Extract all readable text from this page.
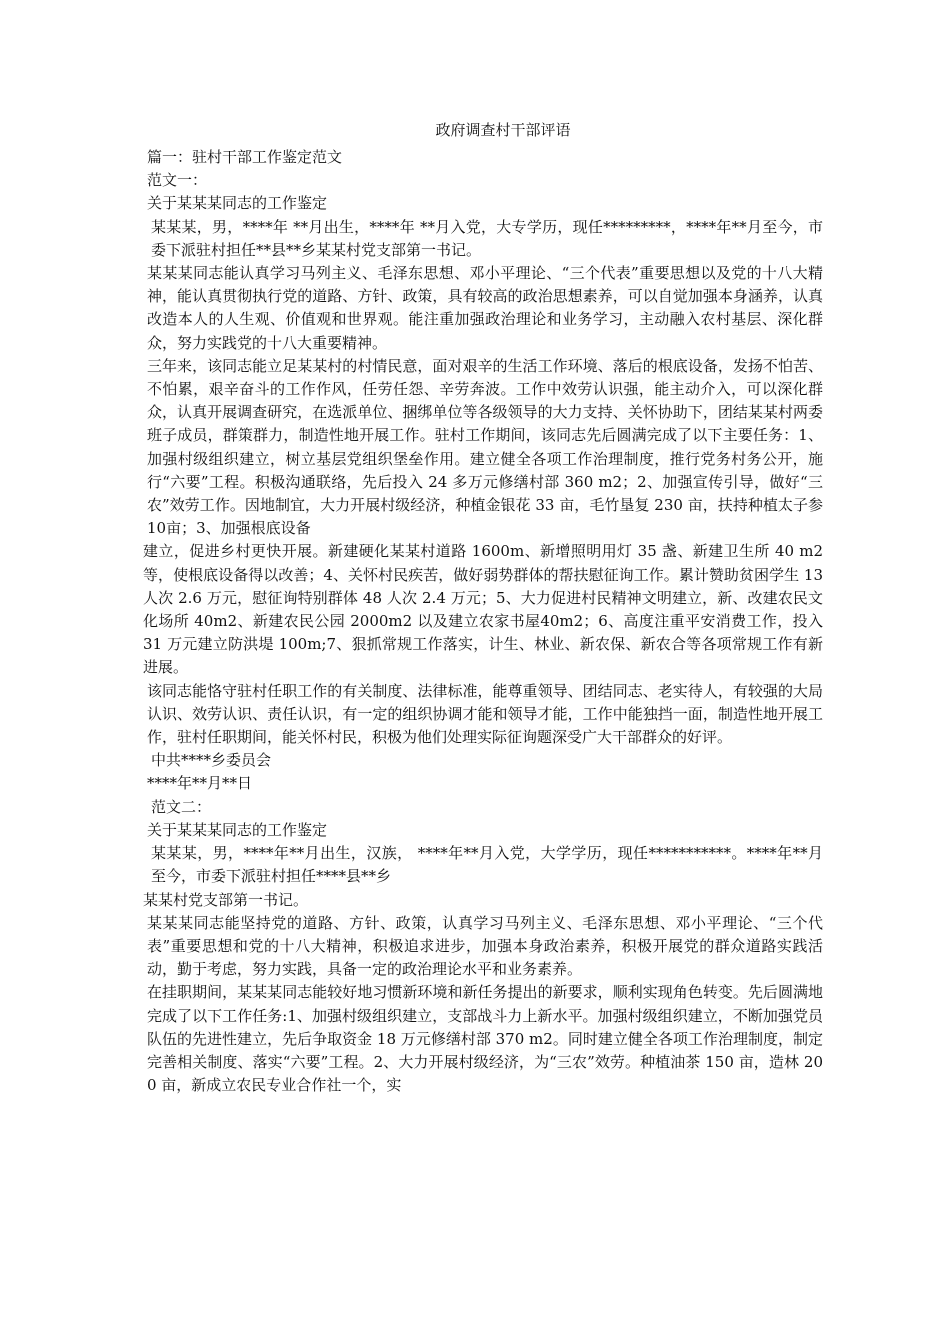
政府调查村干部评语

篇一：驻村干部工作鉴定范文

范文一：

关于某某某同志的工作鉴定

某某某，男，****年 **月出生，****年 **月入党，大专学历，现任*********，****年**月至今，市委下派驻村担任**县**乡某某村党支部第一书记。

某某某同志能认真学习马列主义、毛泽东思想、邓小平理论、“三个代表”重要思想以及党的十八大精神，能认真贯彻执行党的道路、方针、政策，具有较高的政治思想素养，可以自觉加强本身涵养，认真改造本人的人生观、价值观和世界观。能注重加强政治理论和业务学习，主动融入农村基层、深化群众，努力实践党的十八大重要精神。

三年来，该同志能立足某某村的村情民意，面对艰辛的生活工作环境、落后的根底设备，发扬不怕苦、不怕累，艰辛奋斗的工作作风，任劳任怨、辛劳奔波。工作中效劳认识强，能主动介入，可以深化群众，认真开展调查研究，在选派单位、捆绑单位等各级领导的大力支持、关怀协助下，团结某某村两委班子成员，群策群力，制造性地开展工作。驻村工作期间，该同志先后圆满完成了以下主要任务：1、加强村级组织建立，树立基层党组织堡垒作用。建立健全各项工作治理制度，推行党务村务公开，施行“六要”工程。积极沟通联络，先后投入 24 多万元修缮村部 360 m2；2、加强宣传引导，做好“三农”效劳工作。因地制宜，大力开展村级经济，种植金银花 33 亩，毛竹垦复 230 亩，扶持种植太子参 10亩；3、加强根底设备

建立，促进乡村更快开展。新建硬化某某村道路 1600m、新增照明用灯 35 盏、新建卫生所 40 m2 等，使根底设备得以改善；4、关怀村民疾苦，做好弱势群体的帮扶慰征询工作。累计赞助贫困学生 13 人次 2.6 万元，慰征询特别群体 48 人次 2.4 万元；5、大力促进村民精神文明建立，新、改建农民文化场所 40m2、新建农民公园 2000m2 以及建立农家书屋40m2；6、高度注重平安消费工作，投入 31 万元建立防洪堤 100m;7、狠抓常规工作落实，计生、林业、新农保、新农合等各项常规工作有新进展。

该同志能恪守驻村任职工作的有关制度、法律标准，能尊重领导、团结同志、老实待人，有较强的大局认识、效劳认识、责任认识，有一定的组织协调才能和领导才能，工作中能独挡一面，制造性地开展工作，驻村任职期间，能关怀村民，积极为他们处理实际征询题深受广大干部群众的好评。

中共****乡委员会

****年**月**日

范文二：

关于某某某同志的工作鉴定

某某某，男，****年**月出生，汉族， ****年**月入党，大学学历，现任***********。****年**月至今，市委下派驻村担任****县**乡

某某村党支部第一书记。

某某某同志能坚持党的道路、方针、政策，认真学习马列主义、毛泽东思想、邓小平理论、“三个代表”重要思想和党的十八大精神，积极追求进步，加强本身政治素养，积极开展党的群众道路实践活动，勤于考虑，努力实践，具备一定的政治理论水平和业务素养。

在挂职期间，某某某同志能较好地习惯新环境和新任务提出的新要求，顺利实现角色转变。先后圆满地完成了以下工作任务:1、加强村级组织建立，支部战斗力上新水平。加强村级组织建立，不断加强党员队伍的先进性建立，先后争取资金 18 万元修缮村部 370 m2。同时建立健全各项工作治理制度，制定完善相关制度、落实“六要”工程。2、大力开展村级经济，为“三农”效劳。种植油茶 150 亩，造林 200 亩，新成立农民专业合作社一个，实
